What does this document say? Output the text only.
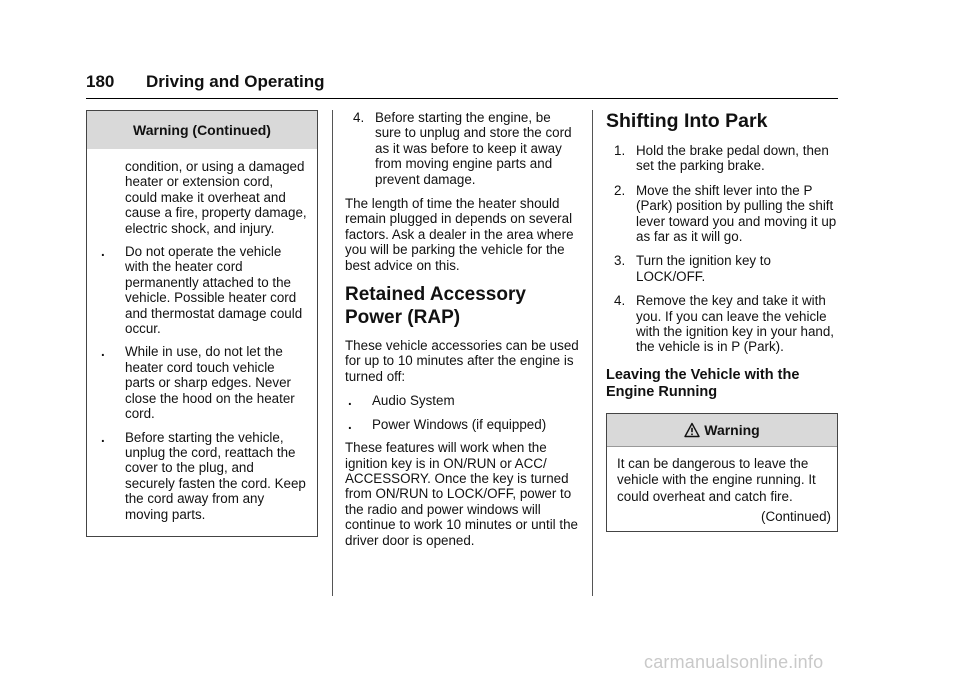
180 Driving and Operating
Warning (Continued)

condition, or using a damaged heater or extension cord, could make it overheat and cause a fire, property damage, electric shock, and injury.

. Do not operate the vehicle with the heater cord permanently attached to the vehicle. Possible heater cord and thermostat damage could occur.
. While in use, do not let the heater cord touch vehicle parts or sharp edges. Never close the hood on the heater cord.
. Before starting the vehicle, unplug the cord, reattach the cover to the plug, and securely fasten the cord. Keep the cord away from any moving parts.
4. Before starting the engine, be sure to unplug and store the cord as it was before to keep it away from moving engine parts and prevent damage.

The length of time the heater should remain plugged in depends on several factors. Ask a dealer in the area where you will be parking the vehicle for the best advice on this.

Retained Accessory Power (RAP)

These vehicle accessories can be used for up to 10 minutes after the engine is turned off:

. Audio System
. Power Windows (if equipped)

These features will work when the ignition key is in ON/RUN or ACC/ ACCESSORY. Once the key is turned from ON/RUN to LOCK/OFF, power to the radio and power windows will continue to work 10 minutes or until the driver door is opened.

Shifting Into Park
1. Hold the brake pedal down, then set the parking brake.
2. Move the shift lever into the P (Park) position by pulling the shift lever toward you and moving it up as far as it will go.
3. Turn the ignition key to LOCK/OFF.
4. Remove the key and take it with you. If you can leave the vehicle with the ignition key in your hand, the vehicle is in P (Park).
Leaving the Vehicle with the Engine Running
Warning

It can be dangerous to leave the vehicle with the engine running. It could overheat and catch fire.

(Continued)

carmanualsonline.info
